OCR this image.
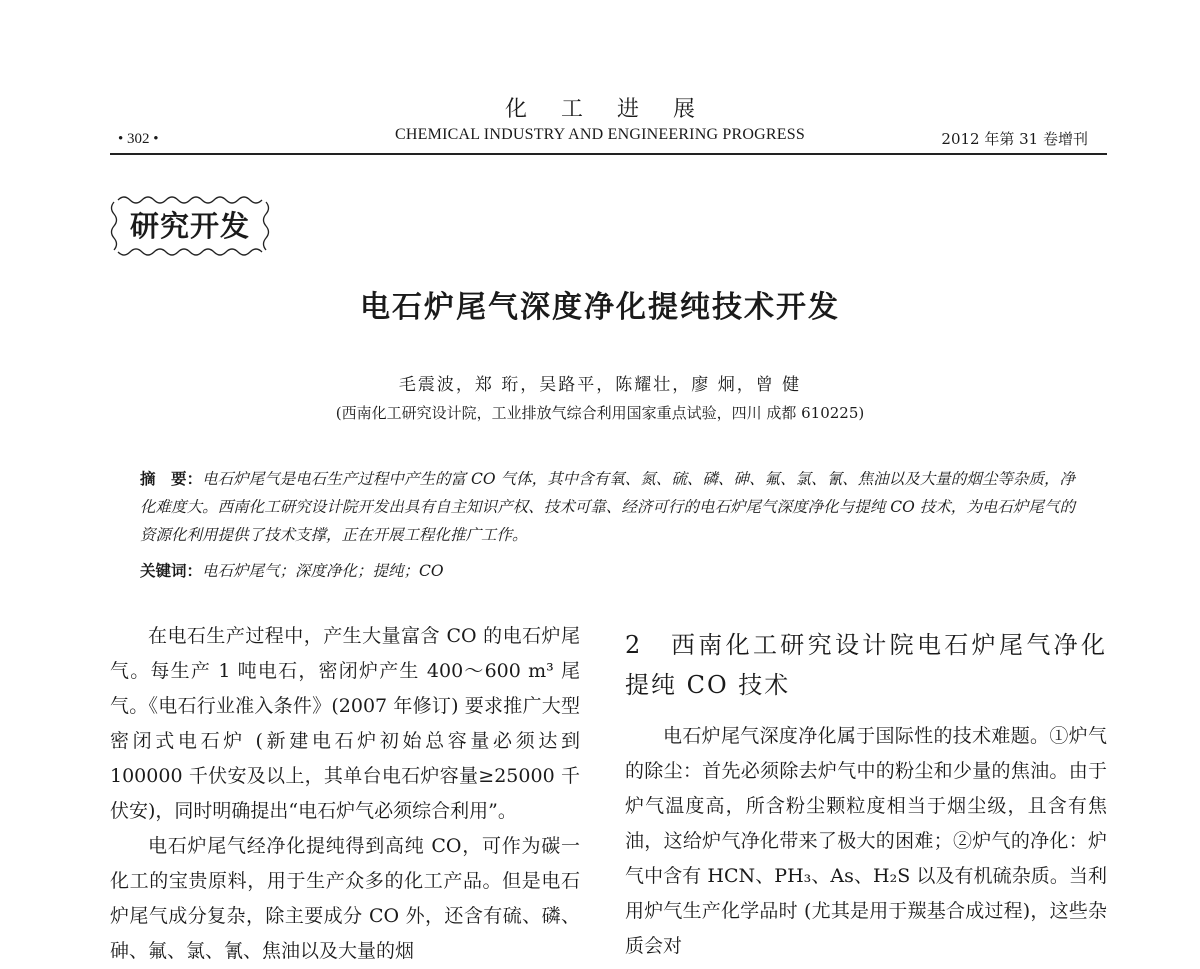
化工进展
CHEMICAL INDUSTRY AND ENGINEERING PROGRESS
• 302 •	2012 年第 31 卷增刊
研究开发
电石炉尾气深度净化提纯技术开发
毛震波，郑 珩，吴路平，陈耀壮，廖 炯，曾 健
(西南化工研究设计院，工业排放气综合利用国家重点试验，四川 成都 610225)
摘　要：电石炉尾气是电石生产过程中产生的富 CO 气体，其中含有氧、氮、硫、磷、砷、氟、氯、氰、焦油以及大量的烟尘等杂质，净化难度大。西南化工研究设计院开发出具有自主知识产权、技术可靠、经济可行的电石炉尾气深度净化与提纯 CO 技术，为电石炉尾气的资源化利用提供了技术支撑，正在开展工程化推广工作。
关键词：电石炉尾气；深度净化；提纯；CO

在电石生产过程中，产生大量富含 CO 的电石炉尾气。每生产 1 吨电石，密闭炉产生 400～600 m³ 尾气。《电石行业准入条件》(2007 年修订) 要求推广大型密闭式电石炉 (新建电石炉初始总容量必须达到 100000 千伏安及以上，其单台电石炉容量≥25000 千伏安)，同时明确提出“电石炉气必须综合利用”。

电石炉尾气经净化提纯得到高纯 CO，可作为碳一化工的宝贵原料，用于生产众多的化工产品。但是电石炉尾气成分复杂，除主要成分 CO 外，还含有硫、磷、砷、氟、氯、氰、焦油以及大量的烟

2　西南化工研究设计院电石炉尾气净化提纯 CO 技术

电石炉尾气深度净化属于国际性的技术难题。①炉气的除尘：首先必须除去炉气中的粉尘和少量的焦油。由于炉气温度高，所含粉尘颗粒度相当于烟尘级，且含有焦油，这给炉气净化带来了极大的困难；②炉气的净化：炉气中含有 HCN、PH₃、As、H₂S 以及有机硫杂质。当利用炉气生产化学品时 (尤其是用于羰基合成过程)，这些杂质会对
